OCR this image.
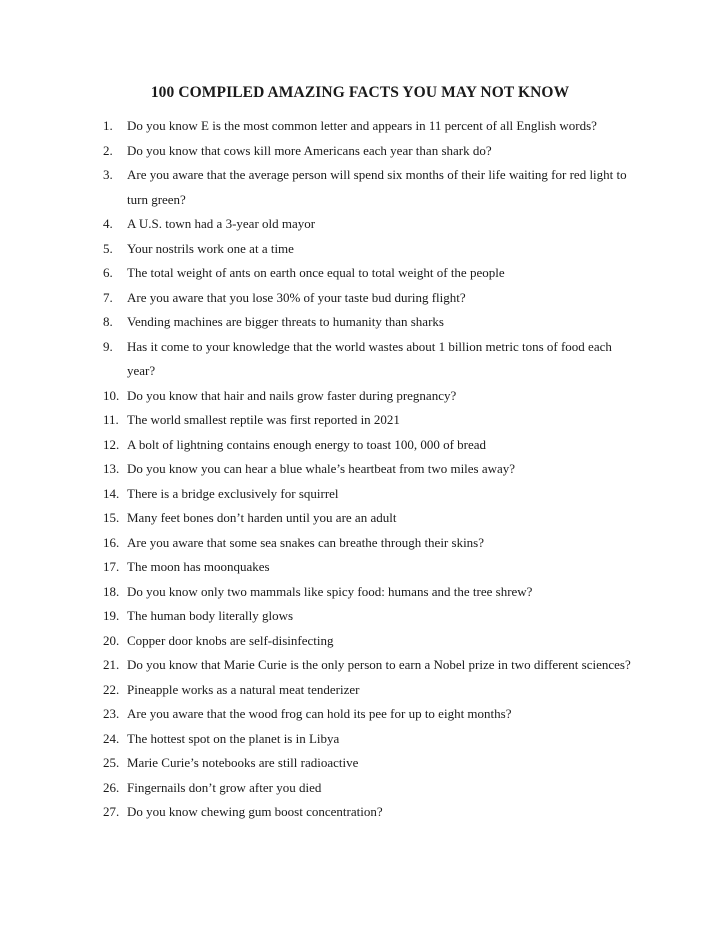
100 COMPILED AMAZING FACTS YOU MAY NOT KNOW
1.	Do you know E is the most common letter and appears in 11 percent of all English words?
2.	Do you know that cows kill more Americans each year than shark do?
3.	Are you aware that the average person will spend six months of their life waiting for red light to turn green?
4.	A U.S. town had a 3-year old mayor
5.	Your nostrils work one at a time
6.	The total weight of ants on earth once equal to total weight of the people
7.	Are you aware that you lose 30% of your taste bud during flight?
8.	Vending machines are bigger threats to humanity than sharks
9.	Has it come to your knowledge that the world wastes about 1 billion metric tons of food each year?
10. Do you know that hair and nails grow faster during pregnancy?
11. The world smallest reptile was first reported in 2021
12. A bolt of lightning contains enough energy to toast 100, 000 of bread
13. Do you know you can hear a blue whale’s heartbeat from two miles away?
14. There is a bridge exclusively for squirrel
15. Many feet bones don’t harden until you are an adult
16. Are you aware that some sea snakes can breathe through their skins?
17. The moon has moonquakes
18. Do you know only two mammals like spicy food: humans and the tree shrew?
19. The human body literally glows
20. Copper door knobs are self-disinfecting
21. Do you know that Marie Curie is the only person to earn a Nobel prize in two different sciences?
22. Pineapple works as a natural meat tenderizer
23. Are you aware that the wood frog can hold its pee for up to eight months?
24. The hottest spot on the planet is in Libya
25. Marie Curie’s notebooks are still radioactive
26. Fingernails don’t grow after you died
27. Do you know chewing gum boost concentration?
